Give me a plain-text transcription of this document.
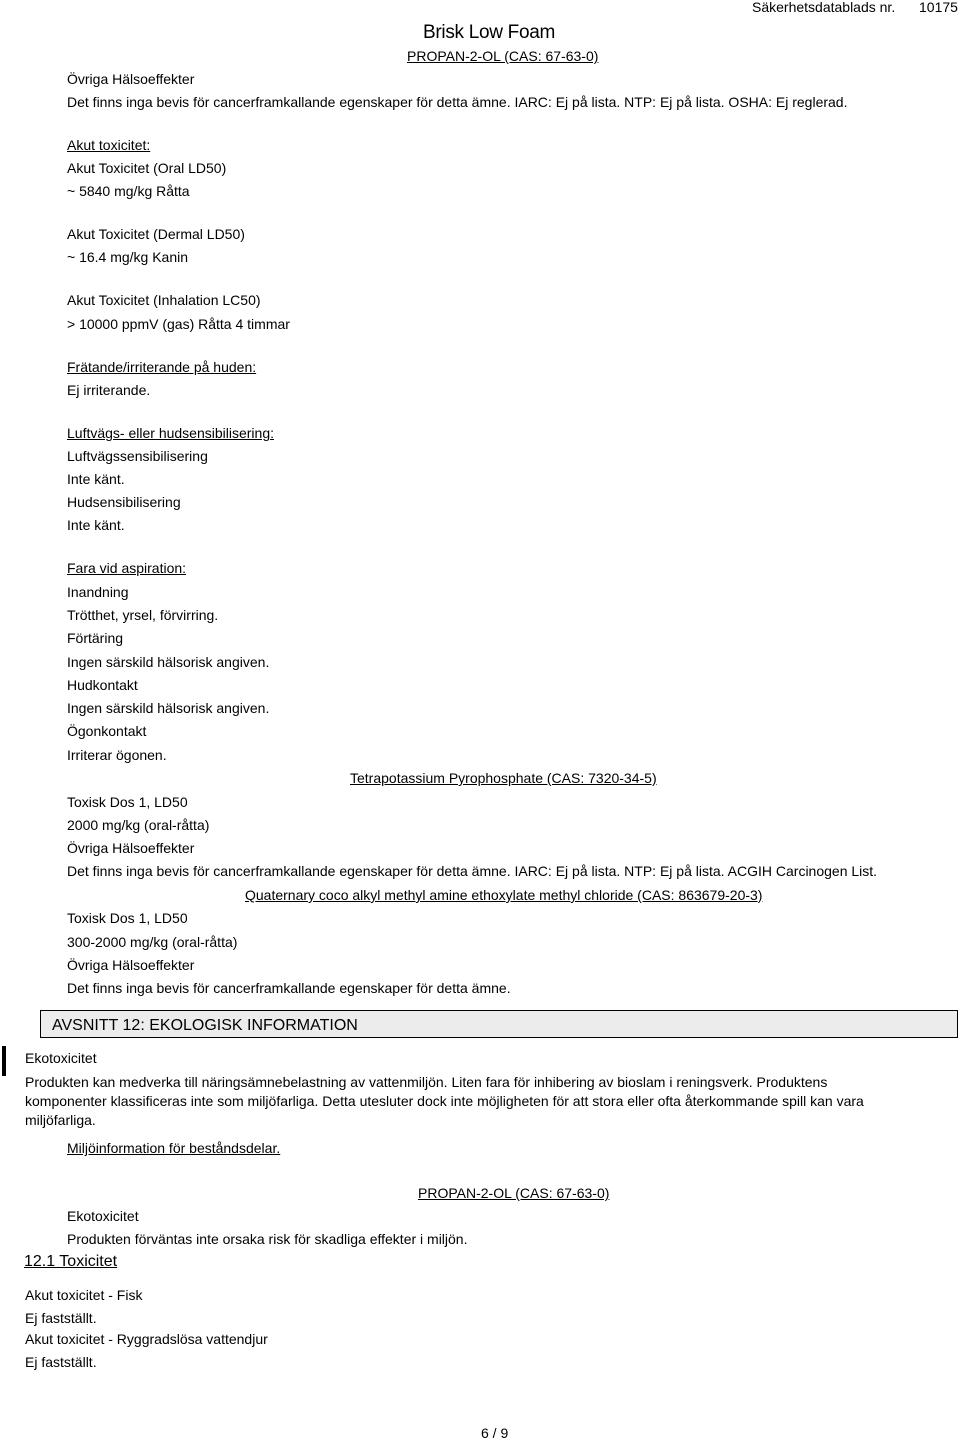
Brisk Low Foam
Säkerhetsdatablads nr. 10175
PROPAN-2-OL (CAS: 67-63-0)
Övriga Hälsoeffekter
Det finns inga bevis för cancerframkallande egenskaper för detta ämne. IARC: Ej på lista. NTP: Ej på lista. OSHA: Ej reglerad.
Akut toxicitet:
Akut Toxicitet (Oral LD50)
~ 5840 mg/kg Råtta
Akut Toxicitet (Dermal LD50)
~ 16.4 mg/kg Kanin
Akut Toxicitet (Inhalation LC50)
> 10000 ppmV (gas) Råtta 4 timmar
Frätande/irriterande på huden:
Ej irriterande.
Luftvägs- eller hudsensibilisering:
Luftvägssensibilisering
Inte känt.
Hudsensibilisering
Inte känt.
Fara vid aspiration:
Inandning
Trötthet, yrsel, förvirring.
Förtäring
Ingen särskild hälsorisk angiven.
Hudkontakt
Ingen särskild hälsorisk angiven.
Ögonkontakt
Irriterar ögonen.
Tetrapotassium Pyrophosphate (CAS: 7320-34-5)
Toxisk Dos 1, LD50
2000 mg/kg (oral-råtta)
Övriga Hälsoeffekter
Det finns inga bevis för cancerframkallande egenskaper för detta ämne. IARC: Ej på lista. NTP: Ej på lista. ACGIH Carcinogen List.
Quaternary coco alkyl methyl amine ethoxylate methyl chloride (CAS: 863679-20-3)
Toxisk Dos 1, LD50
300-2000 mg/kg (oral-råtta)
Övriga Hälsoeffekter
Det finns inga bevis för cancerframkallande egenskaper för detta ämne.
AVSNITT 12: EKOLOGISK INFORMATION
Ekotoxicitet
Produkten kan medverka till näringsämnebelastning av vattenmiljön. Liten fara för inhibering av bioslam i reningsverk. Produktens
komponenter klassificeras inte som miljöfarliga. Detta utesluter dock inte möjligheten för att stora eller ofta återkommande spill kan vara
miljöfarliga.
Miljöinformation för beståndsdelar.
PROPAN-2-OL (CAS: 67-63-0)
Ekotoxicitet
Produkten förväntas inte orsaka risk för skadliga effekter i miljön.
12.1 Toxicitet
Akut toxicitet - Fisk
Ej fastställt.
Akut toxicitet - Ryggradslösa vattendjur
Ej fastställt.
6 / 9
